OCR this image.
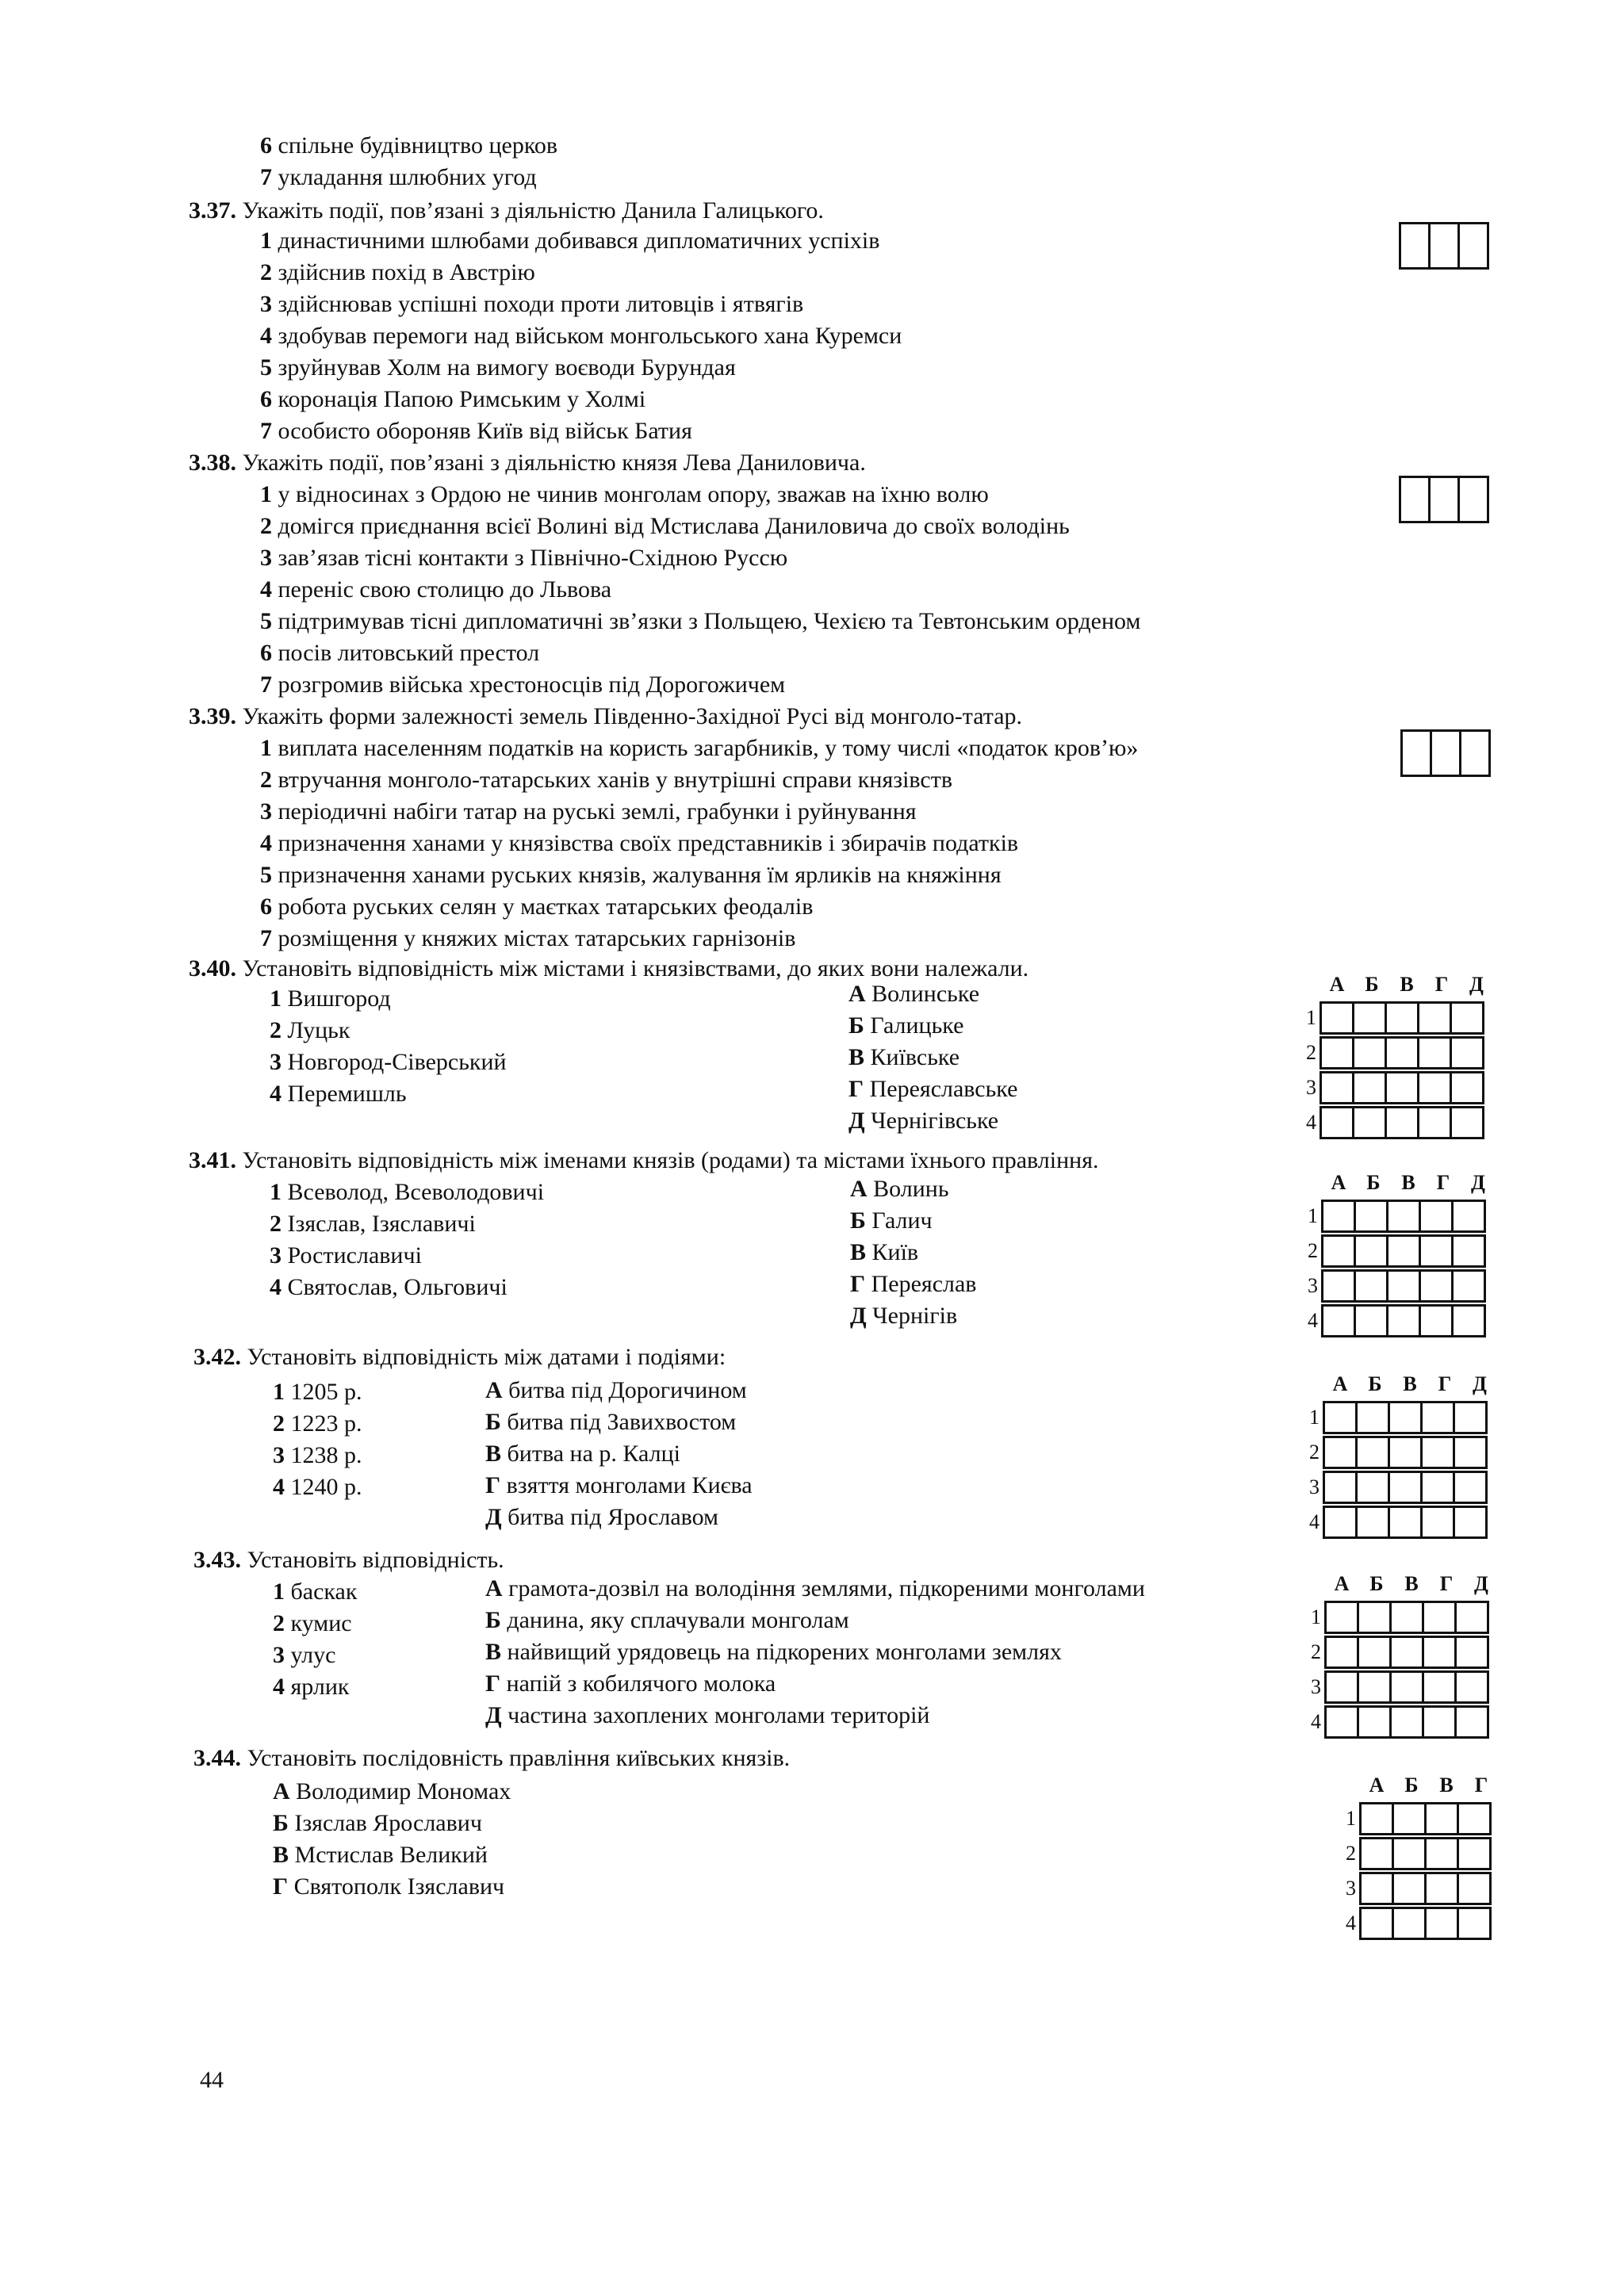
6 спільне будівництво церков
7 укладання шлюбних угод
3.37. Укажіть події, пов’язані з діяльністю Данила Галицького.
1 династичними шлюбами добивався дипломатичних успіхів
2 здійснив похід в Австрію
3 здійснював успішні походи проти литовців і ятвягів
4 здобував перемоги над військом монгольського хана Куремси
5 зруйнував Холм на вимогу воєводи Бурундая
6 коронація Папою Римським у Холмі
7 особисто обороняв Київ від військ Батия
3.38. Укажіть події, пов’язані з діяльністю князя Лева Даниловича.
1 у відносинах з Ордою не чинив монголам опору, зважав на їхню волю
2 домігся приєднання всієї Волині від Мстислава Даниловича до своїх володінь
3 зав’язав тісні контакти з Північно-Східною Руссю
4 переніс свою столицю до Львова
5 підтримував тісні дипломатичні зв’язки з Польщею, Чехією та Тевтонським орденом
6 посів литовський престол
7 розгромив війська хрестоносців під Дорогожичем
3.39. Укажіть форми залежності земель Південно-Західної Русі від монголо-татар.
1 виплата населенням податків на користь загарбників, у тому числі «податок кров’ю»
2 втручання монголо-татарських ханів у внутрішні справи князівств
3 періодичні набіги татар на руські землі, грабунки і руйнування
4 призначення ханами у князівства своїх представників і збирачів податків
5 призначення ханами руських князів, жалування їм ярликів на княжіння
6 робота руських селян у маєтках татарських феодалів
7 розміщення у княжих містах татарських гарнізонів
3.40. Установіть відповідність між містами і князівствами, до яких вони належали.
1 Вишгород
2 Луцьк
3 Новгород-Сіверський
4 Перемишль
А Волинське
Б Галицьке
В Київське
Г Переяславське
Д Чернігівське
А	Б	В	Г	Д
1
2
3
4
3.41. Установіть відповідність між іменами князів (родами) та містами їхнього правління.
1 Всеволод, Всеволодовичі
2 Ізяслав, Ізяславичі
3 Ростиславичі
4 Святослав, Ольговичі
А Волинь
Б Галич
В Київ
Г Переяслав
Д Чернігів
А	Б	В	Г	Д
1
2
3
4
3.42. Установіть відповідність між датами і подіями:
1 1205 р.
2 1223 р.
3 1238 р.
4 1240 р.
А битва під Дорогичином
Б битва під Завихвостом
В битва на р. Калці
Г взяття монголами Києва
Д битва під Ярославом
А	Б	В	Г	Д
1
2
3
4
3.43. Установіть відповідність.
1 баскак
2 кумис
3 улус
4 ярлик
А грамота-дозвіл на володіння землями, підкореними монголами
Б данина, яку сплачували монголам
В найвищий урядовець на підкорених монголами землях
Г напій з кобилячого молока
Д частина захоплених монголами територій
А	Б	В	Г	Д
1
2
3
4
3.44. Установіть послідовність правління київських князів.
А Володимир Мономах
Б Ізяслав Ярославич
В Мстислав Великий
Г Святополк Ізяславич
А	Б	В	Г
1
2
3
4
44
